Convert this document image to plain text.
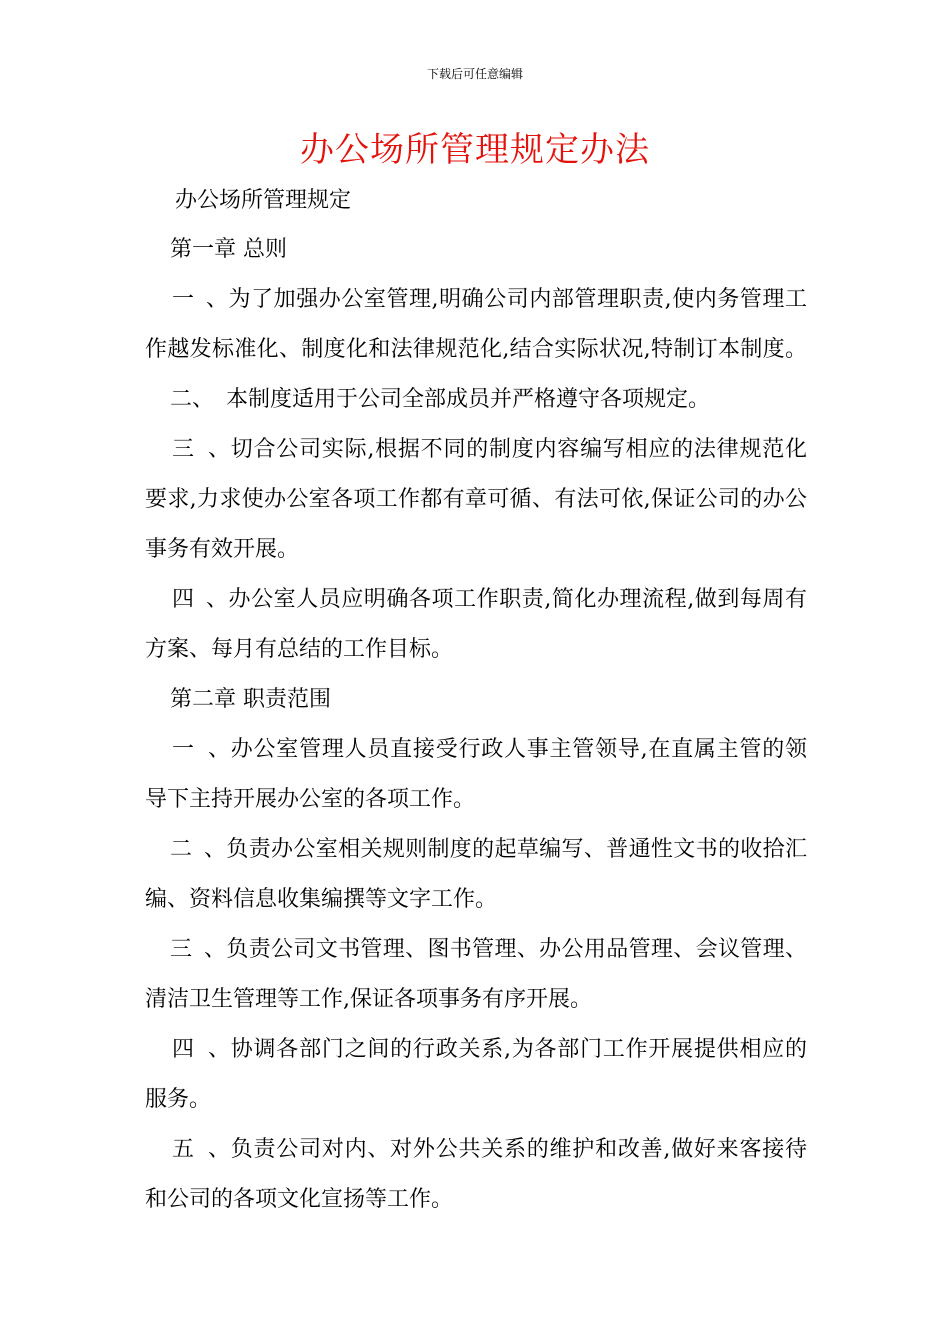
下载后可任意编辑
办公场所管理规定办法
办公场所管理规定
第一章 总则
一、为了加强办公室管理,明确公司内部管理职责,使内务管理工
作越发标准化、制度化和法律规范化,结合实际状况,特制订本制度。
二、 本制度适用于公司全部成员并严格遵守各项规定。
三、切合公司实际,根据不同的制度内容编写相应的法律规范化
要求,力求使办公室各项工作都有章可循、有法可依,保证公司的办公
事务有效开展。
四、办公室人员应明确各项工作职责,简化办理流程,做到每周有
方案、每月有总结的工作目标。
第二章 职责范围
一、办公室管理人员直接受行政人事主管领导,在直属主管的领
导下主持开展办公室的各项工作。
二、负责办公室相关规则制度的起草编写、普通性文书的收拾汇
编、资料信息收集编撰等文字工作。
三、负责公司文书管理、图书管理、办公用品管理、会议管理、
清洁卫生管理等工作,保证各项事务有序开展。
四、协调各部门之间的行政关系,为各部门工作开展提供相应的
服务。
五、负责公司对内、对外公共关系的维护和改善,做好来客接待
和公司的各项文化宣扬等工作。
